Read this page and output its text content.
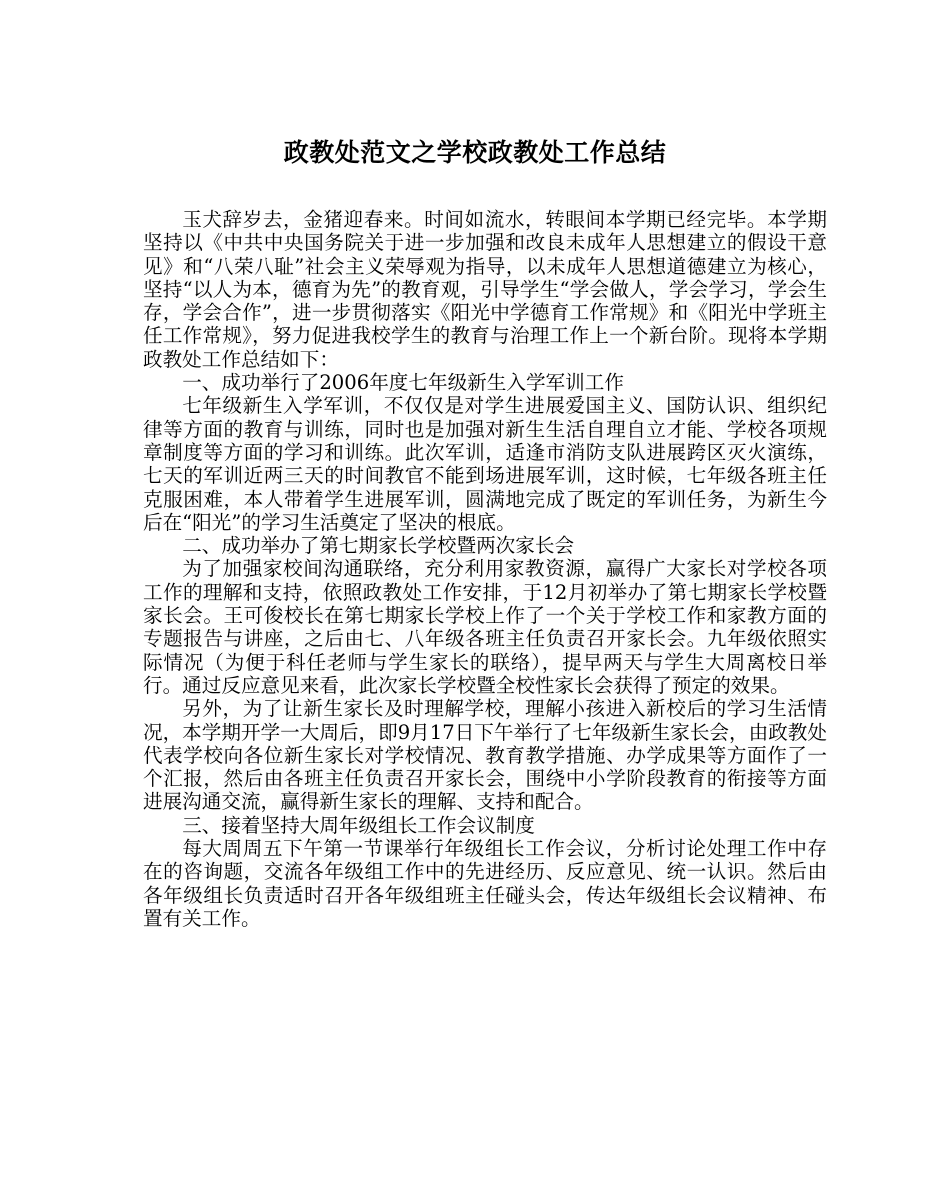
政教处范文之学校政教处工作总结

玉犬辞岁去，金猪迎春来。时间如流水，转眼间本学期已经完毕。本学期坚持以《中共中央国务院关于进一步加强和改良未成年人思想建立的假设干意见》和“八荣八耻”社会主义荣辱观为指导，以未成年人思想道德建立为核心，坚持“以人为本，德育为先”的教育观，引导学生“学会做人，学会学习，学会生存，学会合作”，进一步贯彻落实《阳光中学德育工作常规》和《阳光中学班主任工作常规》，努力促进我校学生的教育与治理工作上一个新台阶。现将本学期政教处工作总结如下：

一、成功举行了2006年度七年级新生入学军训工作

七年级新生入学军训，不仅仅是对学生进展爱国主义、国防认识、组织纪律等方面的教育与训练，同时也是加强对新生生活自理自立才能、学校各项规章制度等方面的学习和训练。此次军训，适逢市消防支队进展跨区灭火演练，七天的军训近两三天的时间教官不能到场进展军训，这时候，七年级各班主任克服困难，本人带着学生进展军训，圆满地完成了既定的军训任务，为新生今后在“阳光”的学习生活奠定了坚决的根底。

二、成功举办了第七期家长学校暨两次家长会

为了加强家校间沟通联络，充分利用家教资源，赢得广大家长对学校各项工作的理解和支持，依照政教处工作安排，于12月初举办了第七期家长学校暨家长会。王可俊校长在第七期家长学校上作了一个关于学校工作和家教方面的专题报告与讲座，之后由七、八年级各班主任负责召开家长会。九年级依照实际情况（为便于科任老师与学生家长的联络），提早两天与学生大周离校日举行。通过反应意见来看，此次家长学校暨全校性家长会获得了预定的效果。

另外，为了让新生家长及时理解学校，理解小孩进入新校后的学习生活情况，本学期开学一大周后，即9月17日下午举行了七年级新生家长会，由政教处代表学校向各位新生家长对学校情况、教育教学措施、办学成果等方面作了一个汇报，然后由各班主任负责召开家长会，围绕中小学阶段教育的衔接等方面进展沟通交流，赢得新生家长的理解、支持和配合。

三、接着坚持大周年级组长工作会议制度

每大周周五下午第一节课举行年级组长工作会议，分析讨论处理工作中存在的咨询题，交流各年级组工作中的先进经历、反应意见、统一认识。然后由各年级组长负责适时召开各年级组班主任碰头会，传达年级组长会议精神、布置有关工作。
